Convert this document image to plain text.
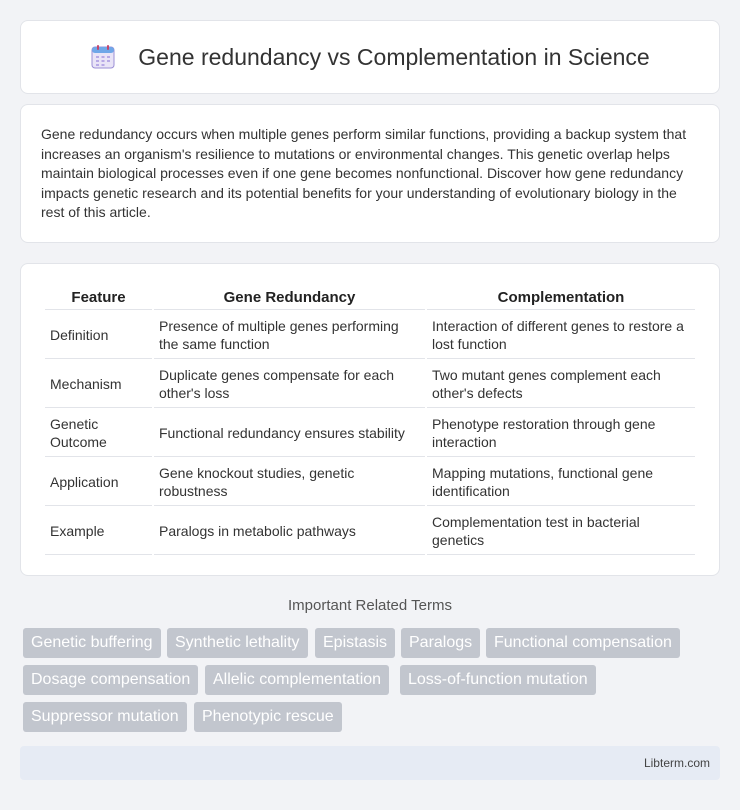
Gene redundancy vs Complementation in Science

Gene redundancy occurs when multiple genes perform similar functions, providing a backup system that increases an organism's resilience to mutations or environmental changes. This genetic overlap helps maintain biological processes even if one gene becomes nonfunctional. Discover how gene redundancy impacts genetic research and its potential benefits for your understanding of evolutionary biology in the rest of this article.

Feature	Gene Redundancy	Complementation
Definition	Presence of multiple genes performing the same function	Interaction of different genes to restore a lost function
Mechanism	Duplicate genes compensate for each other's loss	Two mutant genes complement each other's defects
Genetic Outcome	Functional redundancy ensures stability	Phenotype restoration through gene interaction
Application	Gene knockout studies, genetic robustness	Mapping mutations, functional gene identification
Example	Paralogs in metabolic pathways	Complementation test in bacterial genetics
Important Related Terms
Genetic buffering	Synthetic lethality	Epistasis	Paralogs	Functional compensation
Dosage compensation	Allelic complementation	Loss-of-function mutation
Suppressor mutation	Phenotypic rescue
Libterm.com
